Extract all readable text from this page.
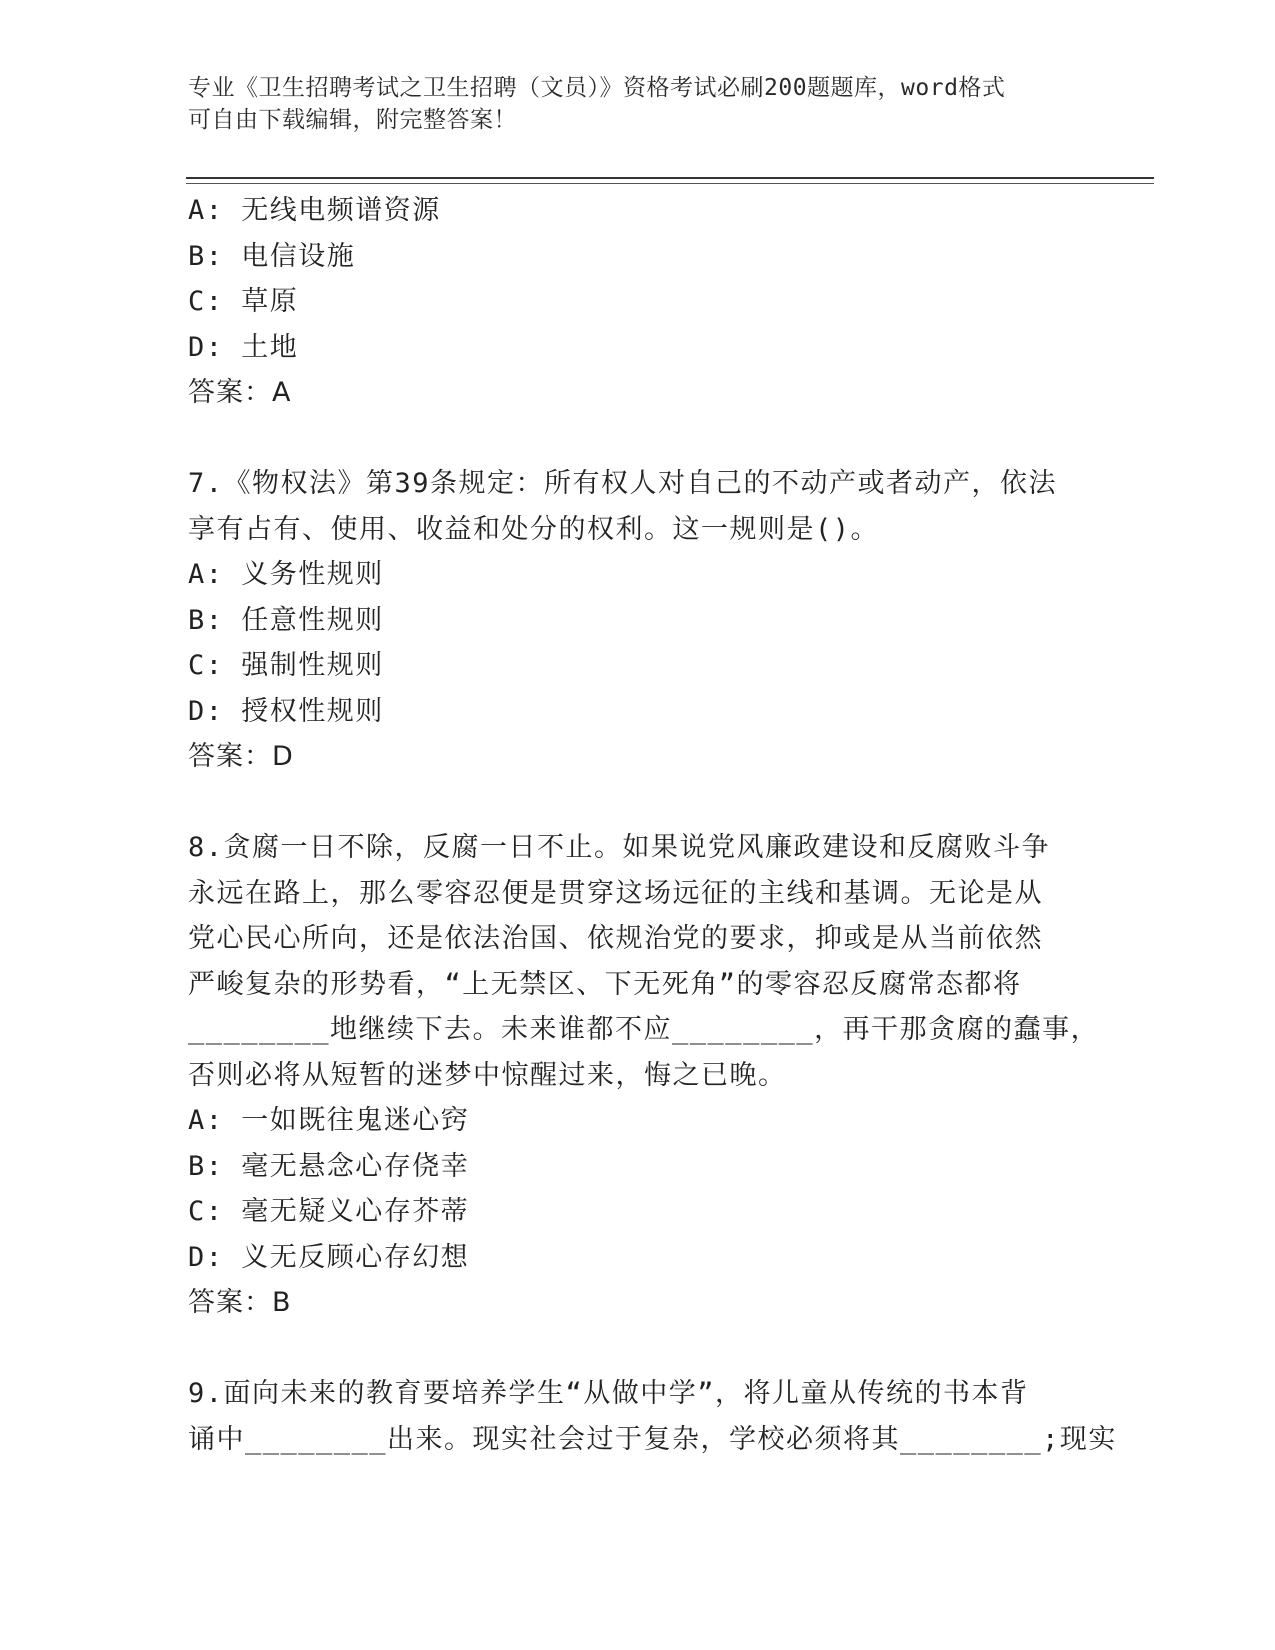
专业《卫生招聘考试之卫生招聘（文员）》资格考试必刷200题题库，word格式
可自由下载编辑，附完整答案！

A: 无线电频谱资源

B: 电信设施

C: 草原

D: 土地

答案：A

7.《物权法》第39条规定：所有权人对自己的不动产或者动产，依法

享有占有、使用、收益和处分的权利。这一规则是()。

A: 义务性规则

B: 任意性规则

C: 强制性规则

D: 授权性规则

答案：D

8.贪腐一日不除，反腐一日不止。如果说党风廉政建设和反腐败斗争

永远在路上，那么零容忍便是贯穿这场远征的主线和基调。无论是从

党心民心所向，还是依法治国、依规治党的要求，抑或是从当前依然

严峻复杂的形势看，“上无禁区、下无死角”的零容忍反腐常态都将

________地继续下去。未来谁都不应________，再干那贪腐的蠢事，

否则必将从短暂的迷梦中惊醒过来，悔之已晚。

A: 一如既往鬼迷心窍

B: 毫无悬念心存侥幸

C: 毫无疑义心存芥蒂

D: 义无反顾心存幻想

答案：B

9.面向未来的教育要培养学生“从做中学”，将儿童从传统的书本背

诵中________出来。现实社会过于复杂，学校必须将其________;现实
